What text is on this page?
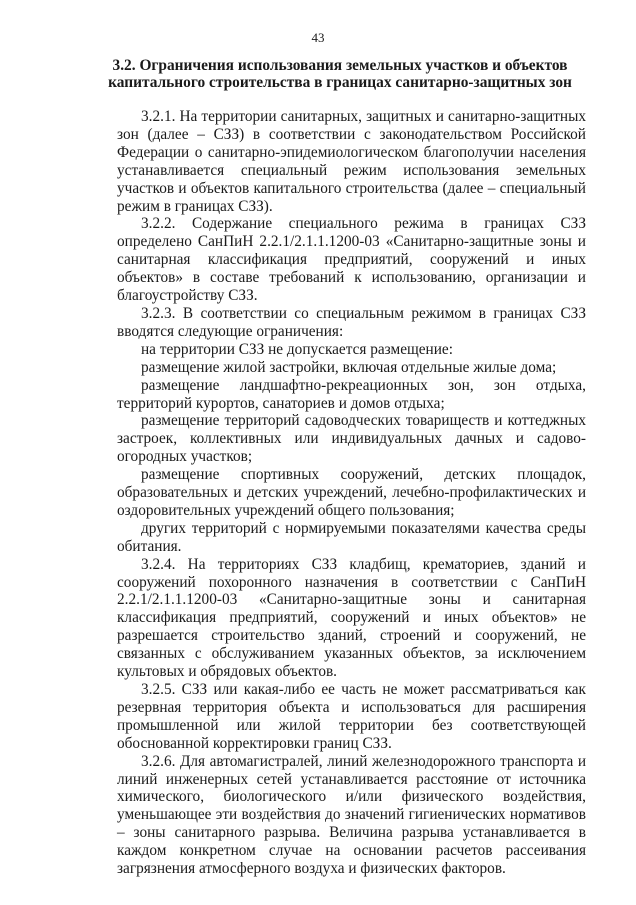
43
3.2. Ограничения использования земельных участков и объектов капитального строительства в границах санитарно-защитных зон

3.2.1. На территории санитарных, защитных и санитарно-защитных зон (далее – СЗЗ) в соответствии с законодательством Российской Федерации о санитарно-эпидемиологическом благополучии населения устанавливается специальный режим использования земельных участков и объектов капитального строительства (далее – специальный режим в границах СЗЗ).

3.2.2. Содержание специального режима в границах СЗЗ определено СанПиН 2.2.1/2.1.1.1200-03 «Санитарно-защитные зоны и санитарная классификация предприятий, сооружений и иных объектов» в составе требований к использованию, организации и благоустройству СЗЗ.

3.2.3. В соответствии со специальным режимом в границах СЗЗ вводятся следующие ограничения:

на территории СЗЗ не допускается размещение:

размещение жилой застройки, включая отдельные жилые дома;

размещение ландшафтно-рекреационных зон, зон отдыха, территорий курортов, санаториев и домов отдыха;

размещение территорий садоводческих товариществ и коттеджных застроек, коллективных или индивидуальных дачных и садово-огородных участков;

размещение спортивных сооружений, детских площадок, образовательных и детских учреждений, лечебно-профилактических и оздоровительных учреждений общего пользования;

других территорий с нормируемыми показателями качества среды обитания.

3.2.4. На территориях СЗЗ кладбищ, крематориев, зданий и сооружений похоронного назначения в соответствии с СанПиН 2.2.1/2.1.1.1200-03 «Санитарно-защитные зоны и санитарная классификация предприятий, сооружений и иных объектов» не разрешается строительство зданий, строений и сооружений, не связанных с обслуживанием указанных объектов, за исключением культовых и обрядовых объектов.

3.2.5. СЗЗ или какая-либо ее часть не может рассматриваться как резервная территория объекта и использоваться для расширения промышленной или жилой территории без соответствующей обоснованной корректировки границ СЗЗ.

3.2.6. Для автомагистралей, линий железнодорожного транспорта и линий инженерных сетей устанавливается расстояние от источника химического, биологического и/или физического воздействия, уменьшающее эти воздействия до значений гигиенических нормативов – зоны санитарного разрыва. Величина разрыва устанавливается в каждом конкретном случае на основании расчетов рассеивания загрязнения атмосферного воздуха и физических факторов.
